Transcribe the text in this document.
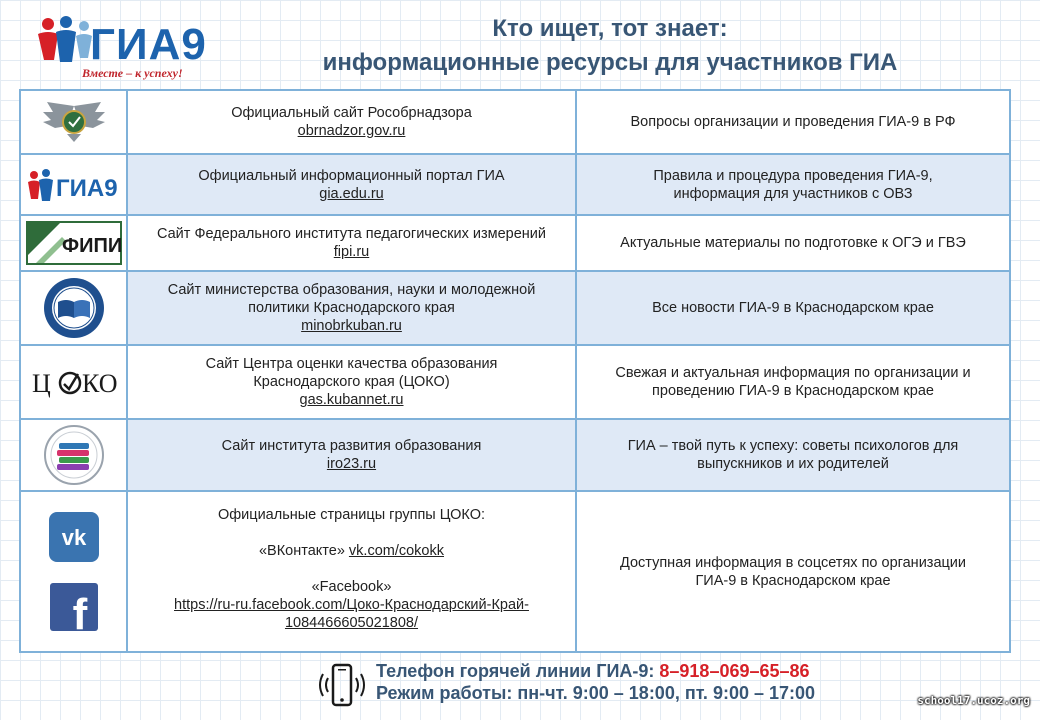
ГИА9
Вместе – к успеху!
Кто ищет, тот знает:
информационные ресурсы для участников ГИА
Официальный сайт Рособрнадзора
obrnadzor.gov.ru
Вопросы организации и проведения ГИА-9 в РФ
ГИА9	Официальный информационный портал ГИА
gia.edu.ru
Правила и процедура проведения ГИА-9,
информация для участников с ОВЗ
ФИПИ
Сайт Федерального института педагогических измерений
fipi.ru
Актуальные материалы по подготовке к ОГЭ и ГВЭ
Сайт министерства образования, науки и молодежной
политики Краснодарского края
minobrkuban.ru
Все новости ГИА-9 в Краснодарском крае
Ц КО
Сайт Центра оценки качества образования
Краснодарского края (ЦОКО)
gas.kubannet.ru
Свежая и актуальная информация по организации и
проведению ГИА-9 в Краснодарском крае
Сайт института развития образования
iro23.ru
ГИА – твой путь к успеху: советы психологов для
выпускников и их родителей
vk
f
Официальные страницы группы ЦОКО:
«ВКонтакте» vk.com/cokokk
«Facebook»
https://ru-ru.facebook.com/Цоко-Краснодарский-Край-
1084466605021808/
Доступная информация в соцсетях по организации
ГИА-9 в Краснодарском крае
Телефон горячей линии ГИА-9: 8–918–069–65–86
Режим работы: пн-чт. 9:00 – 18:00, пт. 9:00 – 17:00	school17.ucoz.org
